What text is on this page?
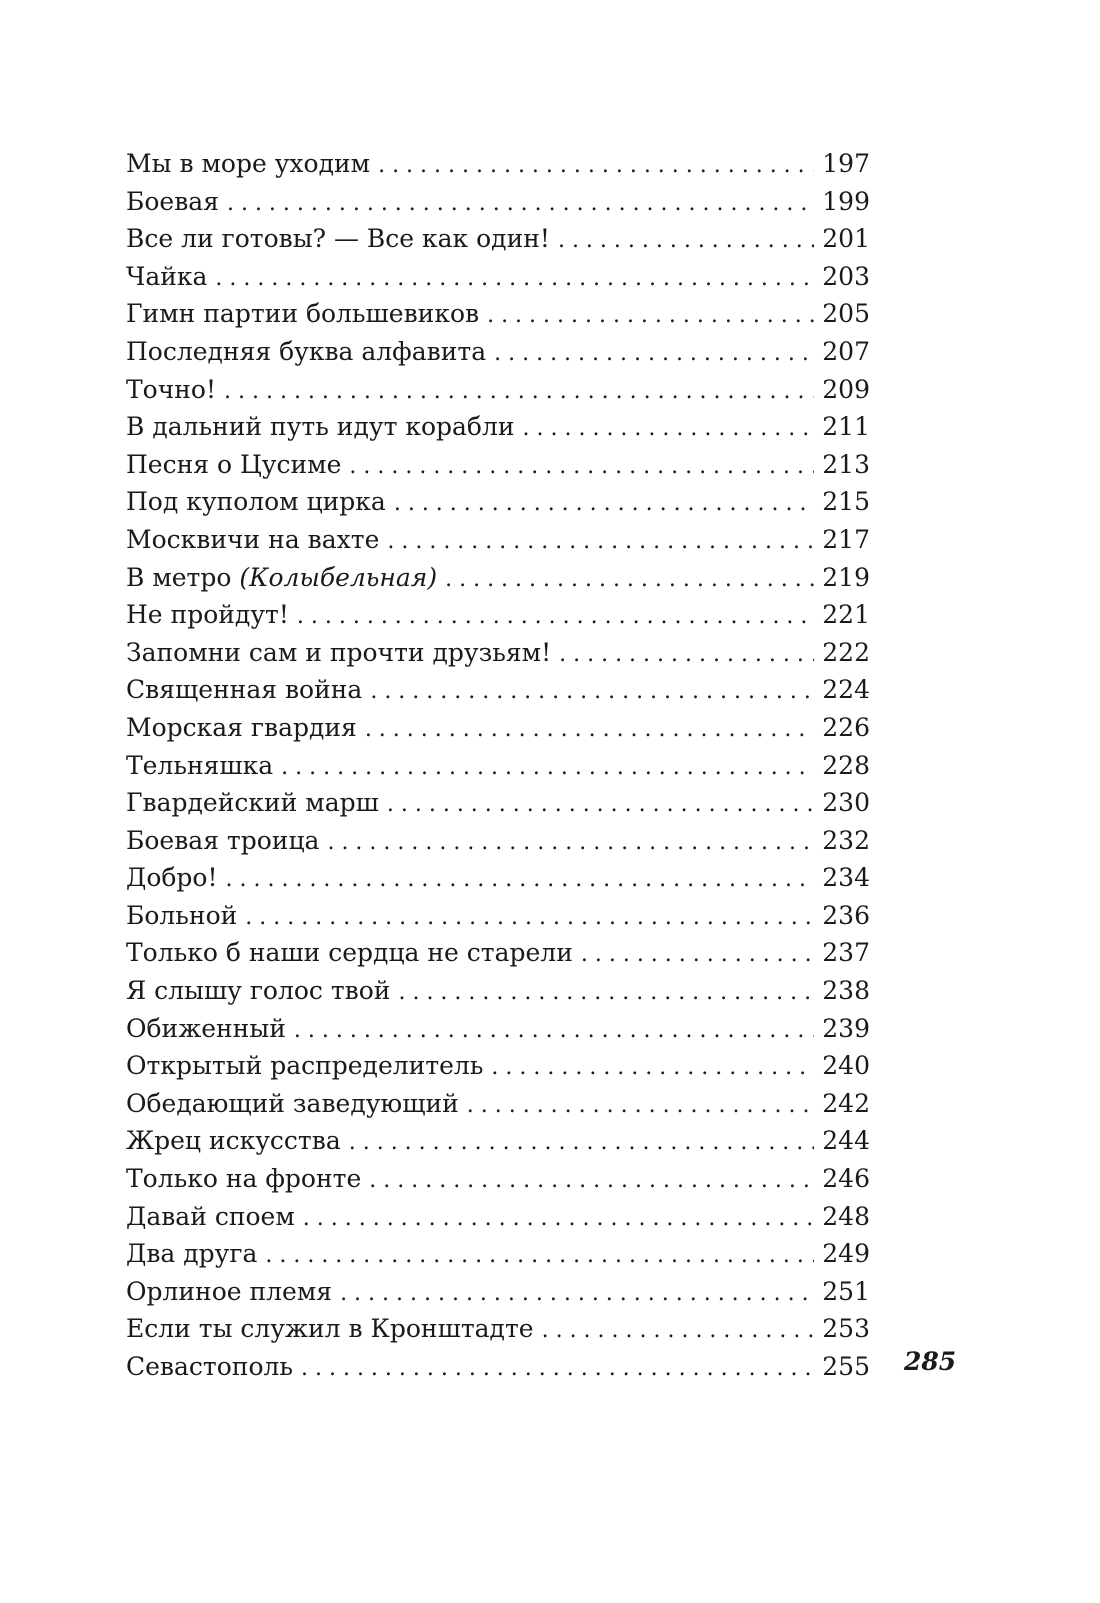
Мы в море уходим . . .	197
Боевая . . .	199
Все ли готовы? — Все как один! . . .	201
Чайка . . .	203
Гимн партии большевиков . . .	205
Последняя буква алфавита . . .	207
Точно! . . .	209
В дальний путь идут корабли . . .	211
Песня о Цусиме . . .	213
Под куполом цирка . . .	215
Москвичи на вахте . . .	217
В метро (Колыбельная) . . .	219
Не пройдут! . . .	221
Запомни сам и прочти друзьям! . . .	222
Священная война . . .	224
Морская гвардия . . .	226
Тельняшка . . .	228
Гвардейский марш . . .	230
Боевая троица . . .	232
Добро! . . .	234
Больной . . .	236
Только б наши сердца не старели . . .	237
Я слышу голос твой . . .	238
Обиженный . . .	239
Открытый распределитель . . .	240
Обедающий заведующий . . .	242
Жрец искусства . . .	244
Только на фронте . . .	246
Давай споем . . .	248
Два друга . . .	249
Орлиное племя . . .	251
Если ты служил в Кронштадте . . .	253
Севастополь . . .	255 285
